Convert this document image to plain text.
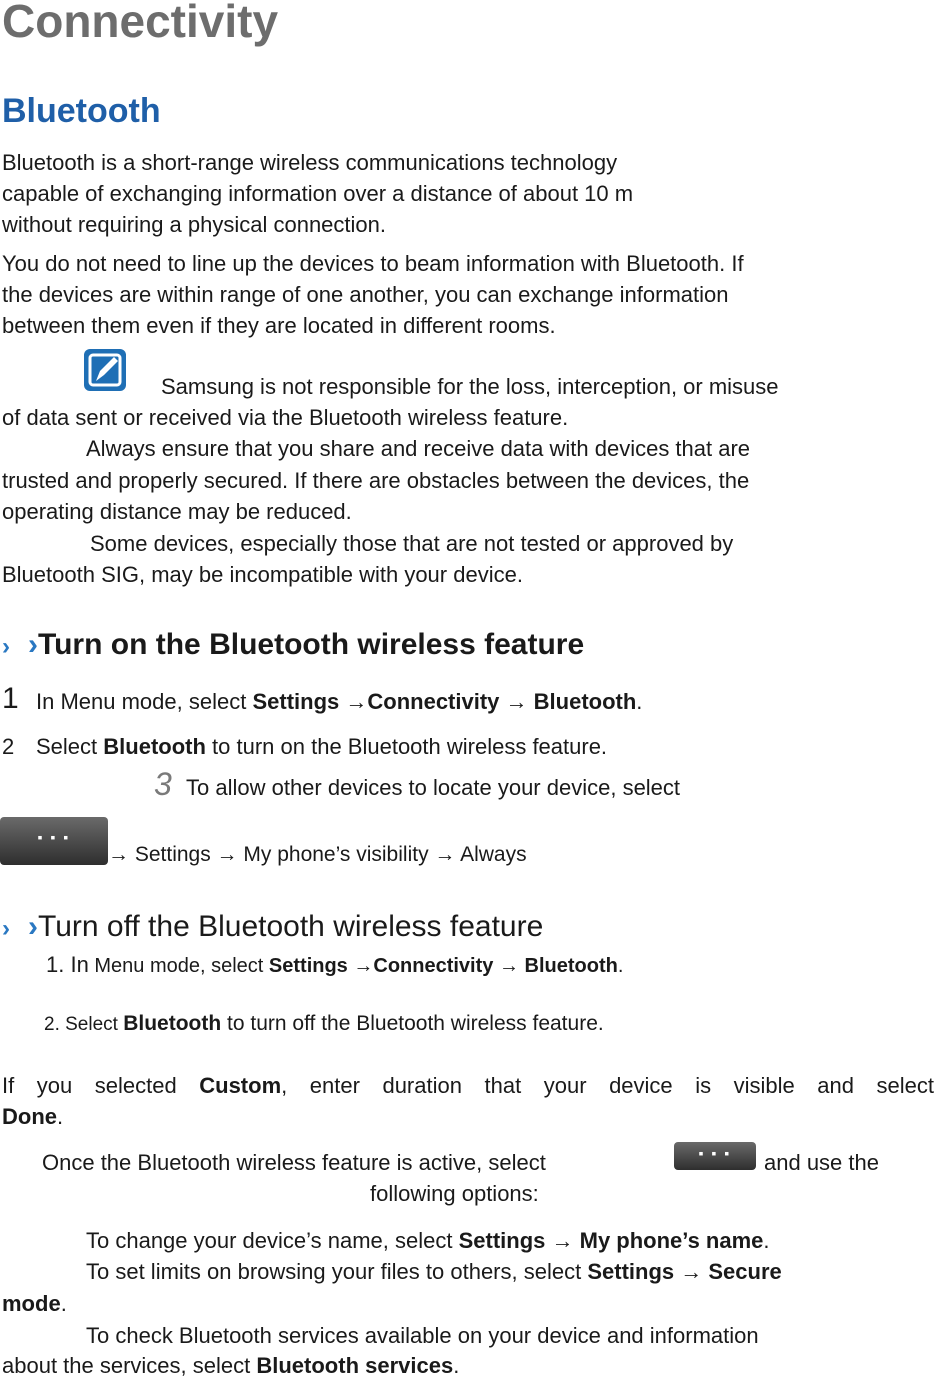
Connectivity
Bluetooth
Bluetooth is a short-range wireless communications technology
capable of exchanging information over a distance of about 10 m
without requiring a physical connection.
You do not need to line up the devices to beam information with Bluetooth. If
the devices are within range of one another, you can exchange information
between them even if they are located in different rooms.
Samsung is not responsible for the loss, interception, or misuse
of data sent or received via the Bluetooth wireless feature.
Always ensure that you share and receive data with devices that are
trusted and properly secured. If there are obstacles between the devices, the
operating distance may be reduced.
Some devices, especially those that are not tested or approved by
Bluetooth SIG, may be incompatible with your device.
› ›Turn on the Bluetooth wireless feature
1 In Menu mode, select Settings →Connectivity → Bluetooth.
2 Select Bluetooth to turn on the Bluetooth wireless feature.
3 To allow other devices to locate your device, select
▪ ▪ ▪
→ Settings → My phone’s visibility → Always
› ›Turn off the Bluetooth wireless feature
1. In Menu mode, select Settings →Connectivity → Bluetooth.
2. Select Bluetooth to turn off the Bluetooth wireless feature.
If you selected Custom, enter duration that your device is visible and select
Done.
Once the Bluetooth wireless feature is active, select	▪ ▪ ▪	and use the
following options:
To change your device’s name, select Settings → My phone’s name.
To set limits on browsing your files to others, select Settings → Secure
mode.
To check Bluetooth services available on your device and information
about the services, select Bluetooth services.
